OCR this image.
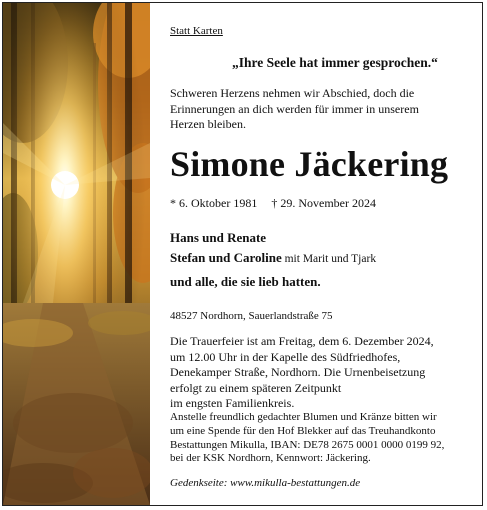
Statt Karten
„Ihre Seele hat immer gesprochen.“
Schweren Herzens nehmen wir Abschied, doch die
Erinnerungen an dich werden für immer in unserem
Herzen bleiben.
Simone Jäckering
* 6. Oktober 1981 † 29. November 2024
Hans und Renate
Stefan und Caroline mit Marit und Tjark
und alle, die sie lieb hatten.
48527 Nordhorn, Sauerlandstraße 75
Die Trauerfeier ist am Freitag, dem 6. Dezember 2024,
um 12.00 Uhr in der Kapelle des Südfriedhofes,
Denekamper Straße, Nordhorn. Die Urnenbeisetzung
erfolgt zu einem späteren Zeitpunkt
im engsten Familienkreis.
Anstelle freundlich gedachter Blumen und Kränze bitten wir
um eine Spende für den Hof Blekker auf das Treuhandkonto
Bestattungen Mikulla, IBAN: DE78 2675 0001 0000 0199 92,
bei der KSK Nordhorn, Kennwort: Jäckering.
Gedenkseite: www.mikulla-bestattungen.de
